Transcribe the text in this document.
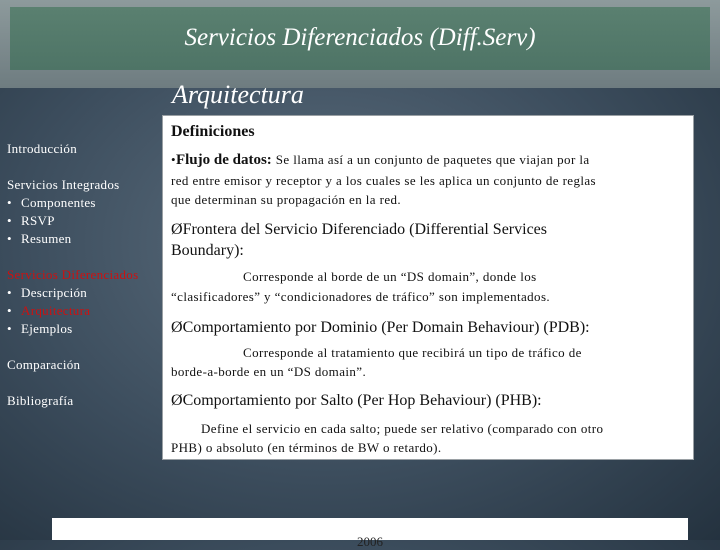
Servicios Diferenciados (Diff.Serv)
Arquitectura
Introducción
Servicios Integrados
• Componentes
• RSVP
• Resumen
Servicios Diferenciados
• Descripción
• Arquitectura
• Ejemplos
Comparación
Bibliografía
Definiciones
•Flujo de datos: Se llama así a un conjunto de paquetes que viajan por la
red entre emisor y receptor y a los cuales se les aplica un conjunto de reglas
que determinan su propagación en la red.
ØFrontera del Servicio Diferenciado (Differential Services
Boundary):
Corresponde al borde de un “DS domain”, donde los
“clasificadores” y “condicionadores de tráfico” son implementados.
ØComportamiento por Dominio (Per Domain Behaviour) (PDB):
Corresponde al tratamiento que recibirá un tipo de tráfico de
borde-a-borde en un “DS domain”.
ØComportamiento por Salto (Per Hop Behaviour) (PHB):
Define el servicio en cada salto; puede ser relativo (comparado con otro
PHB) o absoluto (en términos de BW o retardo).
2006
